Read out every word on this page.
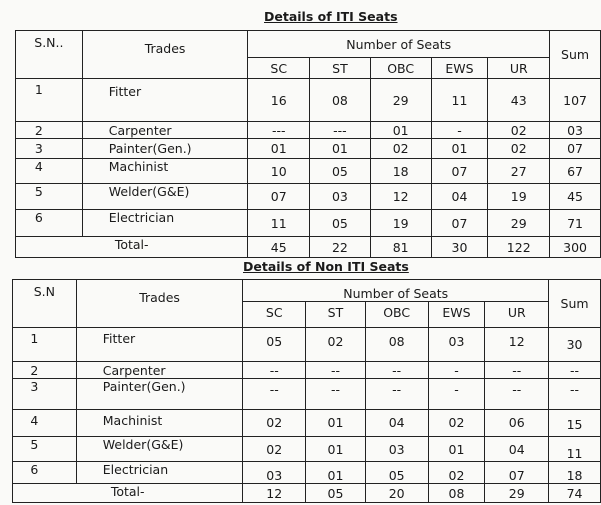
Details of ITI Seats
S.N..	Trades	Number of Seats					Sum
		SC	ST	OBC	EWS	UR	
1	Fitter	16	08	29	11	43	107
2	Carpenter	---	---	01	-	02	03
3	Painter(Gen.)	01	01	02	01	02	07
4	Machinist	10	05	18	07	27	67
5	Welder(G&E)	07	03	12	04	19	45
6	Electrician	11	05	19	07	29	71
Total-		45	22	81	30	122	300
Details of Non ITI Seats
S.N	Trades	Number of Seats					Sum
		SC	ST	OBC	EWS	UR	
1	Fitter	05	02	08	03	12	30
2	Carpenter	--	--	--	-	--	--
3	Painter(Gen.)	--	--	--	-	--	--
4	Machinist	02	01	04	02	06	15
5	Welder(G&E)	02	01	03	01	04	11
6	Electrician	03	01	05	02	07	18
Total-		12	05	20	08	29	74
